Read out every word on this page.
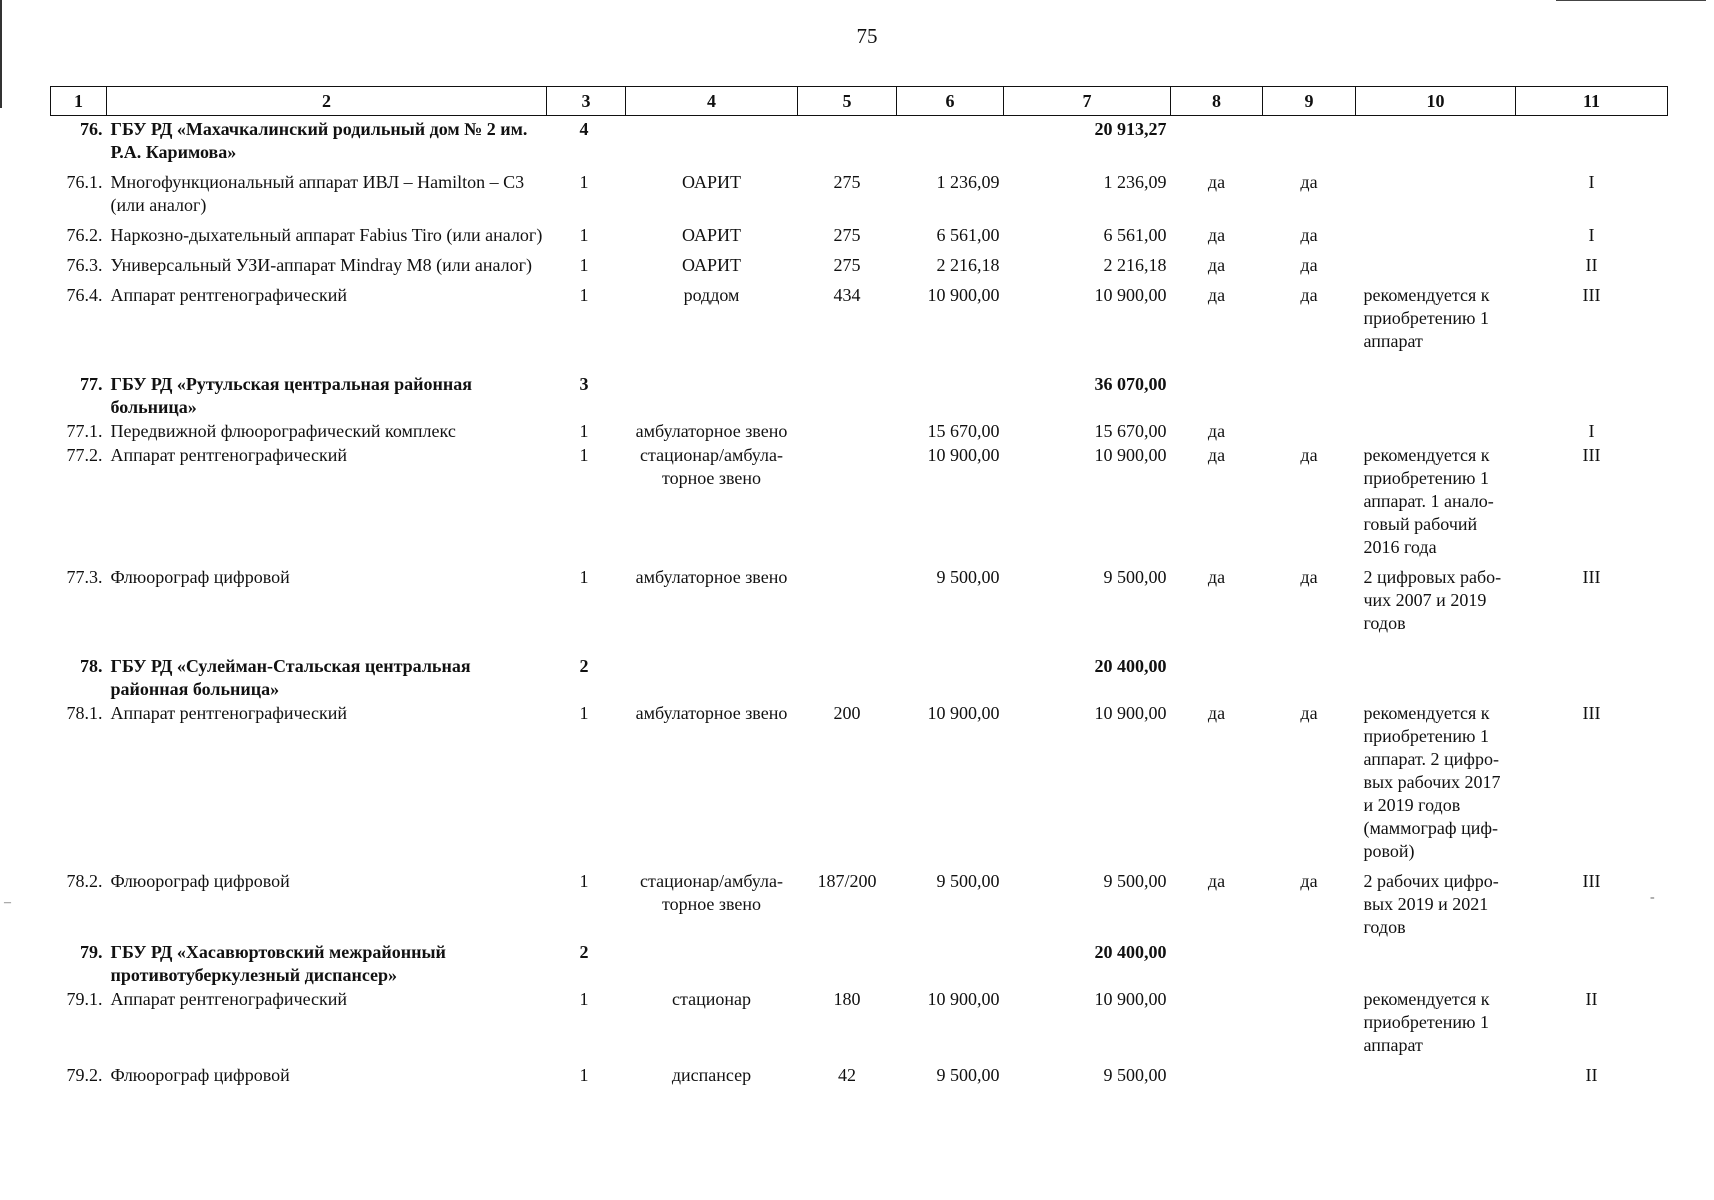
–	-
75
1	2	3	4	5	6	7	8	9	10	11
76.	ГБУ РД «Махачкалинский родильный дом № 2 им. Р.А. Каримова»	4				20 913,27				
76.1.	Многофункциональный аппарат ИВЛ – Hamilton – C3 (или аналог)	1	ОАРИТ	275	1 236,09	1 236,09	да	да		I
76.2.	Наркозно-дыхательный аппарат Fabius Tiro (или аналог)	1	ОАРИТ	275	6 561,00	6 561,00	да	да		I
76.3.	Универсальный УЗИ-аппарат Mindray M8 (или аналог)	1	ОАРИТ	275	2 216,18	2 216,18	да	да		II
76.4.	Аппарат рентгенографический	1	роддом	434	10 900,00	10 900,00	да	да	рекомендуется к приобретению 1 аппарат	III

77.	ГБУ РД «Рутульская центральная районная больница»	3				36 070,00				
77.1.	Передвижной флюорографический комплекс	1	амбулаторное звено		15 670,00	15 670,00	да			I
77.2.	Аппарат рентгенографический	1	стационар/амбула-торное звено		10 900,00	10 900,00	да	да	рекомендуется к приобретению 1 аппарат. 1 анало-говый рабочий 2016 года	III
77.3.	Флюорограф цифровой	1	амбулаторное звено		9 500,00	9 500,00	да	да	2 цифровых рабо-чих 2007 и 2019 годов	III

78.	ГБУ РД «Сулейман-Стальская центральная районная больница»	2				20 400,00				
78.1.	Аппарат рентгенографический	1	амбулаторное звено	200	10 900,00	10 900,00	да	да	рекомендуется к приобретению 1 аппарат. 2 цифро-вых рабочих 2017 и 2019 годов (маммограф циф-ровой)	III
78.2.	Флюорограф цифровой	1	стационар/амбула-торное звено	187/200	9 500,00	9 500,00	да	да	2 рабочих цифро-вых 2019 и 2021 годов	III
79.	ГБУ РД «Хасавюртовский межрайонный противотуберкулезный диспансер»	2				20 400,00				
79.1.	Аппарат рентгенографический	1	стационар	180	10 900,00	10 900,00			рекомендуется к приобретению 1 аппарат	II
79.2.	Флюорограф цифровой	1	диспансер	42	9 500,00	9 500,00				II
